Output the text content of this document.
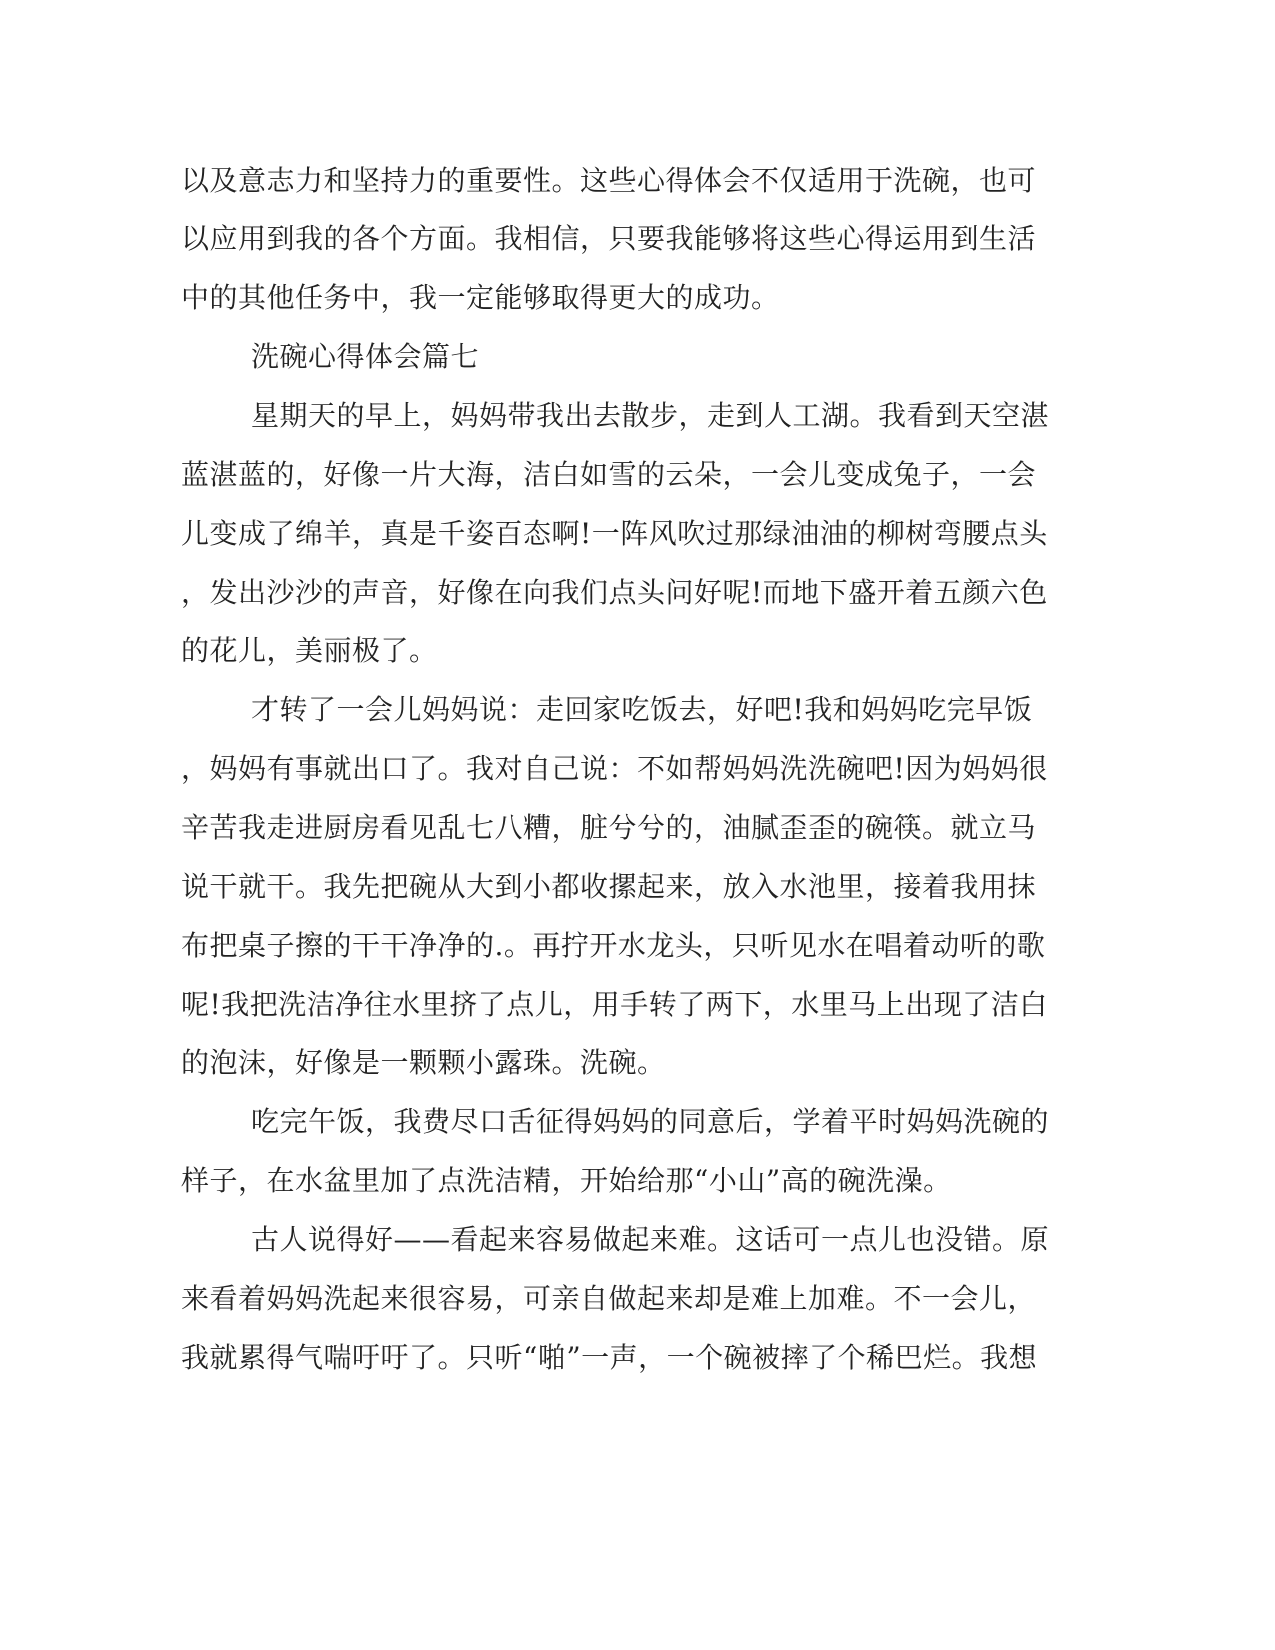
以及意志力和坚持力的重要性。这些心得体会不仅适用于洗碗，也可
以应用到我的各个方面。我相信，只要我能够将这些心得运用到生活
中的其他任务中，我一定能够取得更大的成功。
洗碗心得体会篇七
星期天的早上，妈妈带我出去散步，走到人工湖。我看到天空湛
蓝湛蓝的，好像一片大海，洁白如雪的云朵，一会儿变成兔子，一会
儿变成了绵羊，真是千姿百态啊!一阵风吹过那绿油油的柳树弯腰点头
，发出沙沙的声音，好像在向我们点头问好呢!而地下盛开着五颜六色
的花儿，美丽极了。
才转了一会儿妈妈说：走回家吃饭去，好吧!我和妈妈吃完早饭
，妈妈有事就出口了。我对自己说：不如帮妈妈洗洗碗吧!因为妈妈很
辛苦我走进厨房看见乱七八糟，脏兮兮的，油腻歪歪的碗筷。就立马
说干就干。我先把碗从大到小都收摞起来，放入水池里，接着我用抹
布把桌子擦的干干净净的.。再拧开水龙头，只听见水在唱着动听的歌
呢!我把洗洁净往水里挤了点儿，用手转了两下，水里马上出现了洁白
的泡沫，好像是一颗颗小露珠。洗碗。
吃完午饭，我费尽口舌征得妈妈的同意后，学着平时妈妈洗碗的
样子，在水盆里加了点洗洁精，开始给那“小山”高的碗洗澡。
古人说得好——看起来容易做起来难。这话可一点儿也没错。原
来看着妈妈洗起来很容易，可亲自做起来却是难上加难。不一会儿，
我就累得气喘吁吁了。只听“啪”一声，一个碗被摔了个稀巴烂。我想
